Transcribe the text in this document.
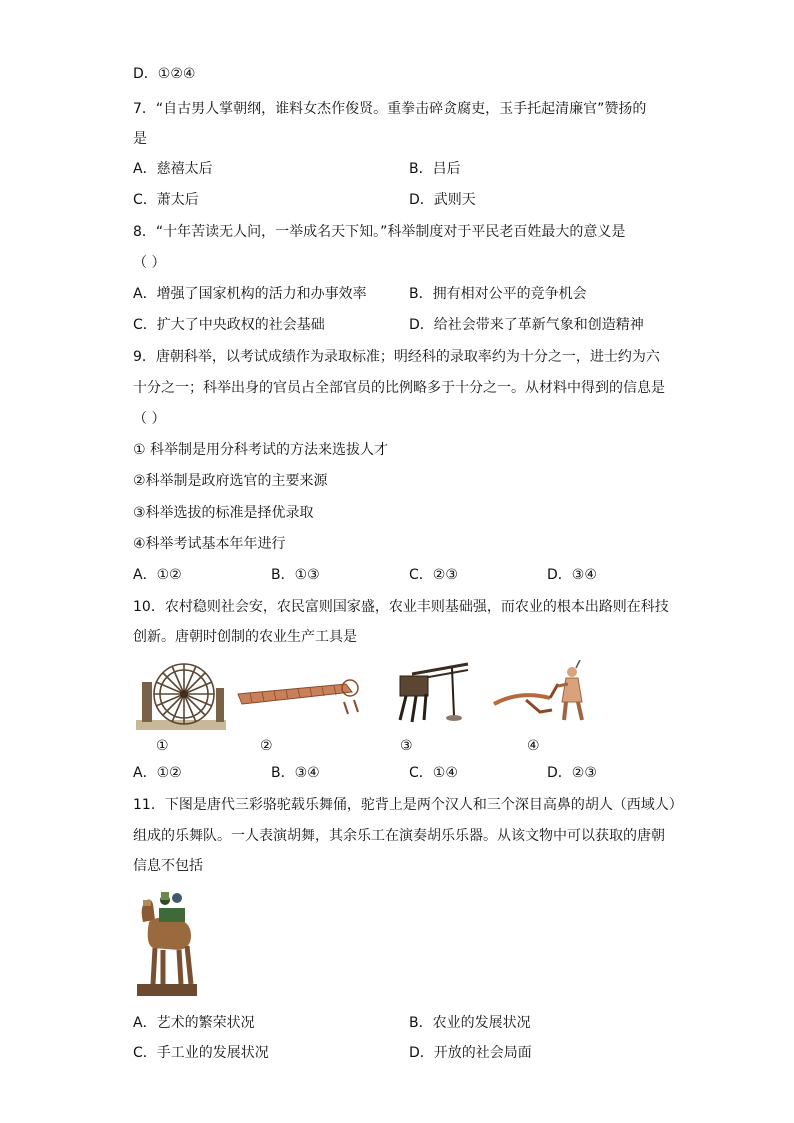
D．①②④
7．“自古男人掌朝纲，谁料女杰作俊贤。重拳击碎贪腐吏，玉手托起清廉官”赞扬的
是
A．慈禧太后	B．吕后
C．萧太后	D．武则天
8．“十年苦读无人问，一举成名天下知。”科举制度对于平民老百姓最大的意义是
（ ）
A．增强了国家机构的活力和办事效率	B．拥有相对公平的竞争机会
C．扩大了中央政权的社会基础	D．给社会带来了革新气象和创造精神
9．唐朝科举，以考试成绩作为录取标准；明经科的录取率约为十分之一，进士约为六
十分之一；科举出身的官员占全部官员的比例略多于十分之一。从材料中得到的信息是
（ ）
① 科举制是用分科考试的方法来选拔人才
②科举制是政府选官的主要来源
③科举选拔的标准是择优录取
④科举考试基本年年进行
A．①②	B．①③	C．②③	D．③④
10．农村稳则社会安，农民富则国家盛，农业丰则基础强，而农业的根本出路则在科技
创新。唐朝时创制的农业生产工具是
①	②	③	④
A．①②	B．③④	C．①④	D．②③
11．下图是唐代三彩骆驼载乐舞俑，驼背上是两个汉人和三个深目高鼻的胡人（西域人）
组成的乐舞队。一人表演胡舞，其余乐工在演奏胡乐乐器。从该文物中可以获取的唐朝
信息不包括
A．艺术的繁荣状况	B．农业的发展状况
C．手工业的发展状况	D．开放的社会局面
